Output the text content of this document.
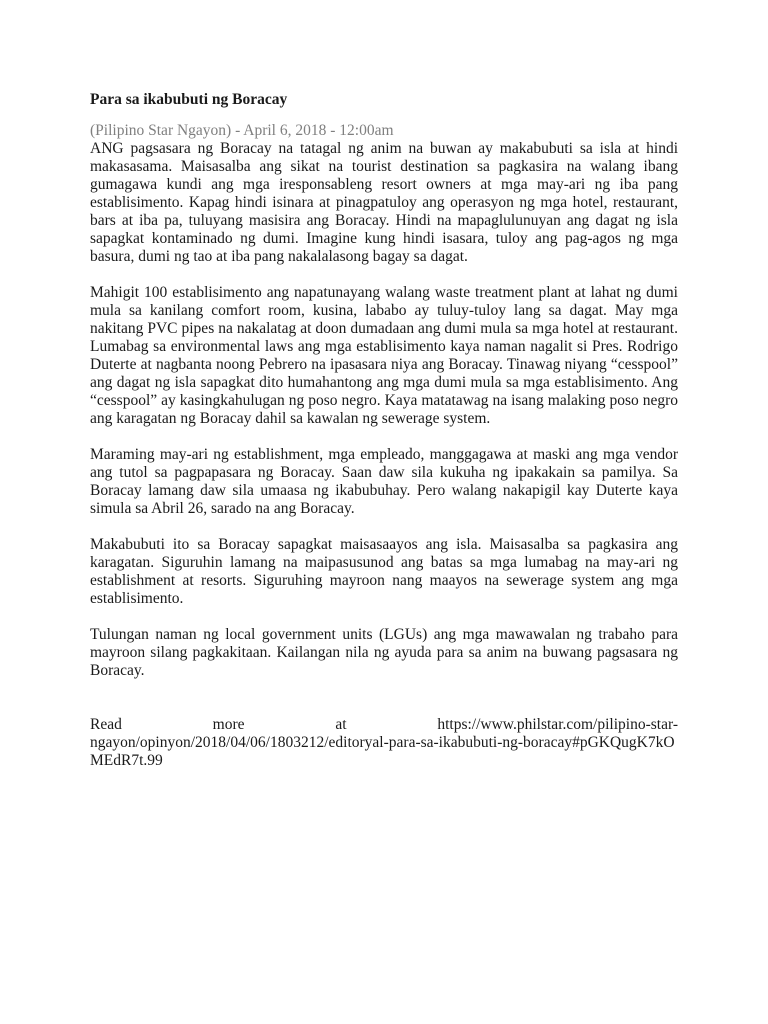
Para sa ikabubuti ng Boracay

(Pilipino Star Ngayon) - April 6, 2018 - 12:00am

ANG pagsasara ng Boracay na tatagal ng anim na buwan ay makabubuti sa isla at hindi makasasama. Maisasalba ang sikat na tourist destination sa pagkasira na walang ibang gumagawa kundi ang mga iresponsableng resort owners at mga may-ari ng iba pang establisimento. Kapag hindi isinara at pinagpatuloy ang operasyon ng mga hotel, restaurant, bars at iba pa, tuluyang masisira ang Boracay. Hindi na mapaglulunuyan ang dagat ng isla sapagkat kontaminado ng dumi. Imagine kung hindi isasara, tuloy ang pag-agos ng mga basura, dumi ng tao at iba pang nakalalasong bagay sa dagat.

Mahigit 100 establisimento ang napatunayang walang waste treatment plant at lahat ng dumi mula sa kanilang comfort room, kusina, lababo ay tuluy-tuloy lang sa dagat. May mga nakitang PVC pipes na nakalatag at doon dumadaan ang dumi mula sa mga hotel at restaurant. Lumabag sa environmental laws ang mga establisimento kaya naman nagalit si Pres. Rodrigo Duterte at nagbanta noong Pebrero na ipasasara niya ang Boracay. Tinawag niyang “cesspool” ang dagat ng isla sapagkat dito humahantong ang mga dumi mula sa mga establisimento. Ang “cesspool” ay kasingkahulugan ng poso negro. Kaya matatawag na isang malaking poso negro ang karagatan ng Boracay dahil sa kawalan ng sewerage system.

Maraming may-ari ng establishment, mga empleado, manggagawa at maski ang mga vendor ang tutol sa pagpapasara ng Boracay. Saan daw sila kukuha ng ipakakain sa pamilya. Sa Boracay lamang daw sila umaasa ng ikabubuhay. Pero walang nakapigil kay Duterte kaya simula sa Abril 26, sarado na ang Boracay.

Makabubuti ito sa Boracay sapagkat maisasaayos ang isla. Maisasalba sa pagkasira ang karagatan. Siguruhin lamang na maipasusunod ang batas sa mga lumabag na may-ari ng establishment at resorts. Siguruhing mayroon nang maayos na sewerage system ang mga establisimento.

Tulungan naman ng local government units (LGUs) ang mga mawawalan ng trabaho para mayroon silang pagkakitaan. Kailangan nila ng ayuda para sa anim na buwang pagsasara ng Boracay.

Read	more	at	https://www.philstar.com/pilipino-star-
ngayon/opinyon/2018/04/06/1803212/editoryal-para-sa-ikabubuti-ng-boracay#pGKQugK7kOMEdR7t.99
